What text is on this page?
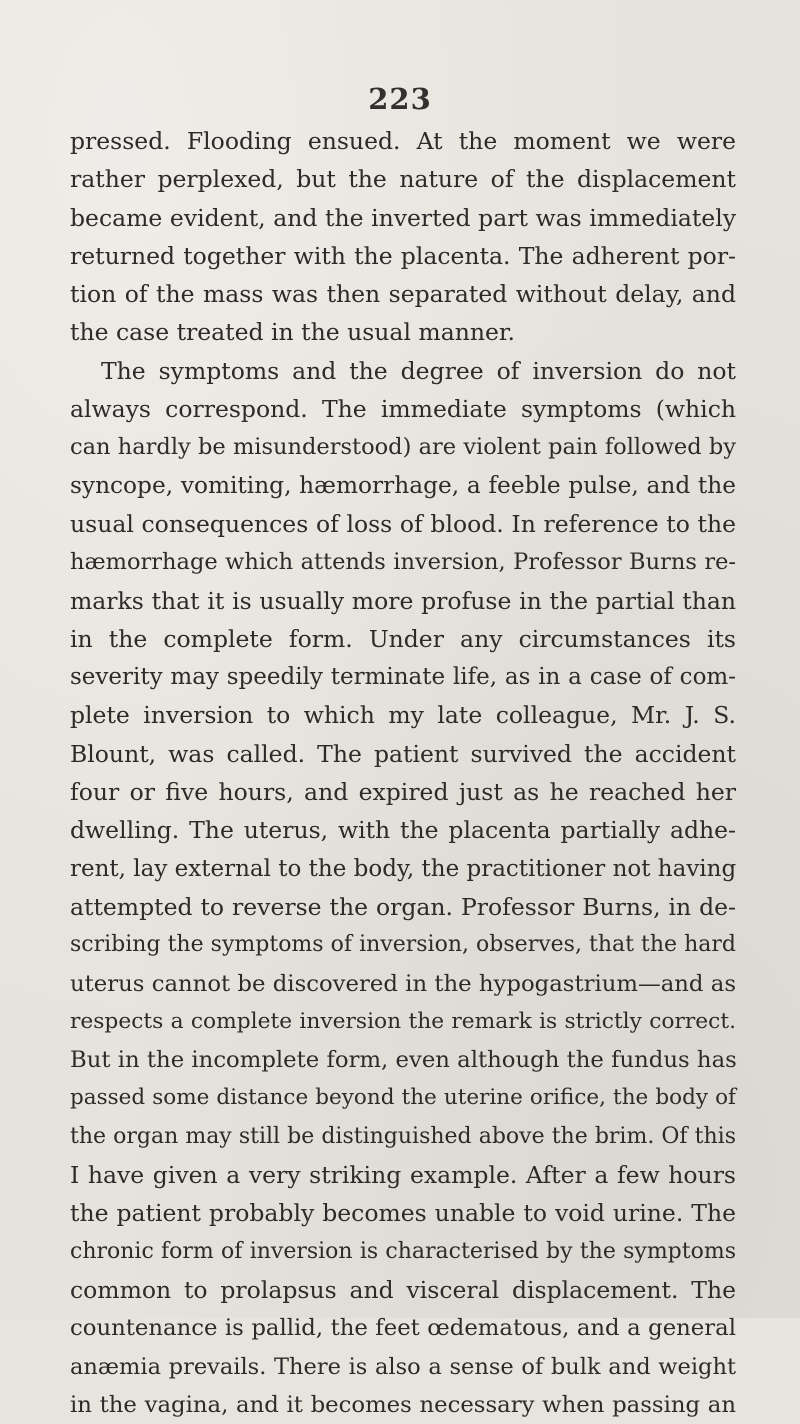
223
pressed. Flooding ensued. At the moment we were
rather perplexed, but the nature of the displacement
became evident, and the inverted part was immediately
returned together with the placenta. The adherent por-
tion of the mass was then separated without delay, and
the case treated in the usual manner.
The symptoms and the degree of inversion do not
always correspond. The immediate symptoms (which
can hardly be misunderstood) are violent pain followed by
syncope, vomiting, hæmorrhage, a feeble pulse, and the
usual consequences of loss of blood. In reference to the
hæmorrhage which attends inversion, Professor Burns re-
marks that it is usually more profuse in the partial than
in the complete form. Under any circumstances its
severity may speedily terminate life, as in a case of com-
plete inversion to which my late colleague, Mr. J. S.
Blount, was called. The patient survived the accident
four or five hours, and expired just as he reached her
dwelling. The uterus, with the placenta partially adhe-
rent, lay external to the body, the practitioner not having
attempted to reverse the organ. Professor Burns, in de-
scribing the symptoms of inversion, observes, that the hard
uterus cannot be discovered in the hypogastrium—and as
respects a complete inversion the remark is strictly correct.
But in the incomplete form, even although the fundus has
passed some distance beyond the uterine orifice, the body of
the organ may still be distinguished above the brim. Of this
I have given a very striking example. After a few hours
the patient probably becomes unable to void urine. The
chronic form of inversion is characterised by the symptoms
common to prolapsus and visceral displacement. The
countenance is pallid, the feet œdematous, and a general
anæmia prevails. There is also a sense of bulk and weight
in the vagina, and it becomes necessary when passing an
